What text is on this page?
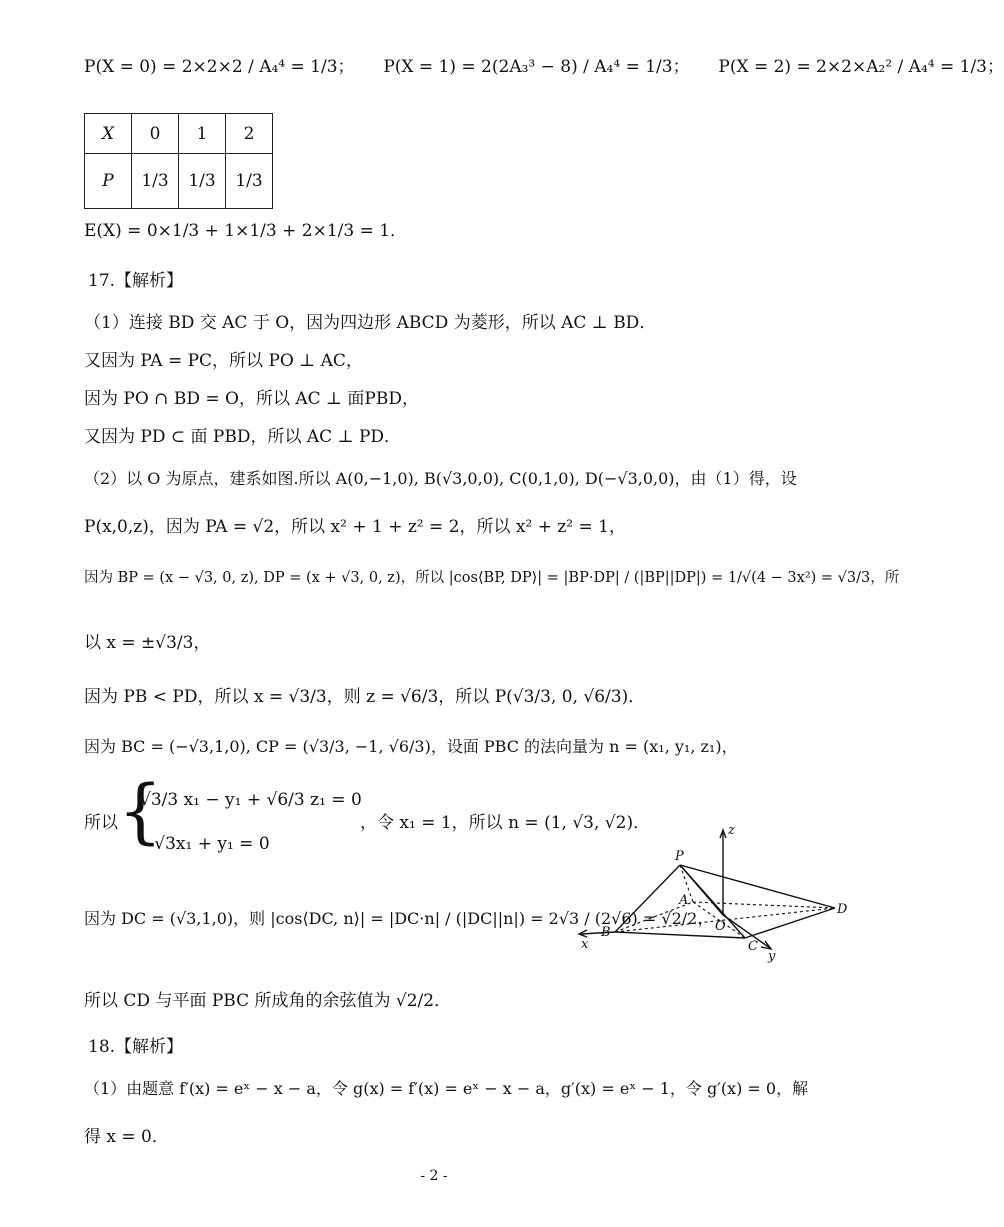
P(X = 0) = 2×2×2 / A₄⁴ = 1/3； P(X = 1) = 2(2A₃³ − 8) / A₄⁴ = 1/3； P(X = 2) = 2×2×A₂² / A₄⁴ = 1/3；
X	0	1	2
P	1/3	1/3	1/3
E(X) = 0×1/3 + 1×1/3 + 2×1/3 = 1．
17.【解析】
（1）连接 BD 交 AC 于 O，因为四边形 ABCD 为菱形，所以 AC ⊥ BD．
又因为 PA = PC，所以 PO ⊥ AC，
因为 PO ∩ BD = O，所以 AC ⊥ 面PBD，
又因为 PD ⊂ 面 PBD，所以 AC ⊥ PD．
（2）以 O 为原点，建系如图.所以 A(0,−1,0), B(√3,0,0), C(0,1,0), D(−√3,0,0)，由（1）得，设
P(x,0,z)，因为 PA = √2，所以 x² + 1 + z² = 2，所以 x² + z² = 1，
因为 BP = (x − √3, 0, z), DP = (x + √3, 0, z)，所以 |cos⟨BP, DP⟩| = |BP·DP| / (|BP||DP|) = 1/√(4 − 3x²) = √3/3，所
以 x = ±√3/3，
因为 PB < PD，所以 x = √3/3，则 z = √6/3，所以 P(√3/3, 0, √6/3)．
因为 BC = (−√3,1,0), CP = (√3/3, −1, √6/3)，设面 PBC 的法向量为 n = (x₁, y₁, z₁)，
所以 {
√3/3 x₁ − y₁ + √6/3 z₁ = 0
−√3x₁ + y₁ = 0
，令 x₁ = 1，所以 n = (1, √3, √2)．
因为 DC = (√3,1,0)，则 |cos⟨DC, n⟩| = |DC·n| / (|DC||n|) = 2√3 / (2√6) = √2/2，
所以 CD 与平面 PBC 所成角的余弦值为 √2/2．
P
A
O
B
C
D
x
y
z
18.【解析】
（1）由题意 f′(x) = eˣ − x − a，令 g(x) = f′(x) = eˣ − x − a，g′(x) = eˣ − 1，令 g′(x) = 0，解
得 x = 0．
- 2 -
